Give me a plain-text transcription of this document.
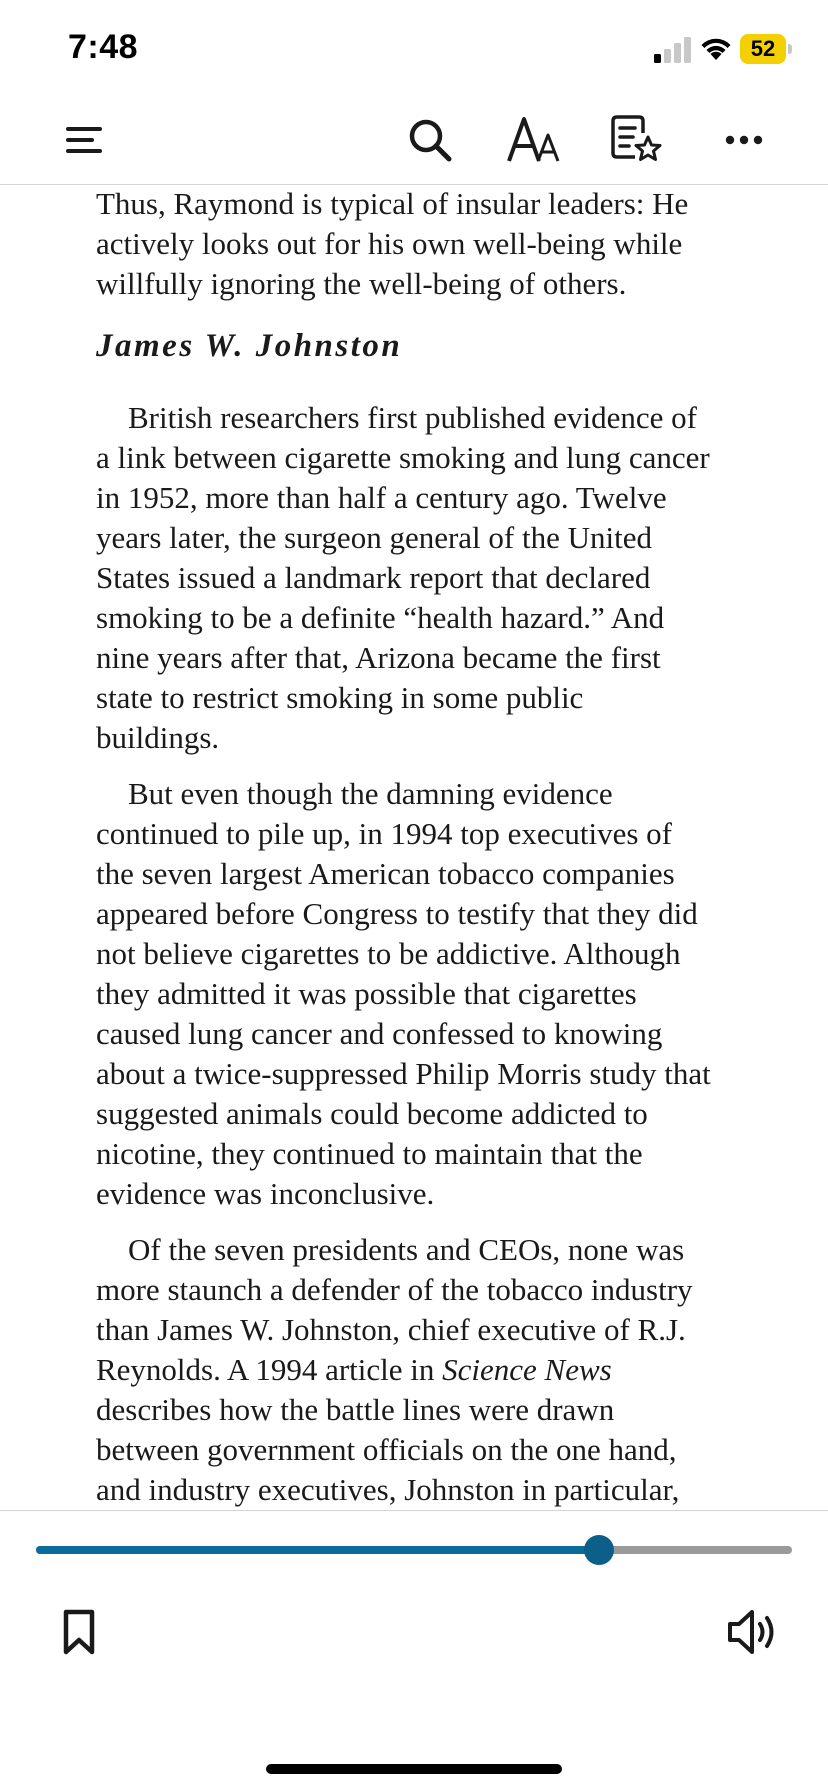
7:48	52

Thus, Raymond is typical of insular leaders: He
actively looks out for his own well-being while
willfully ignoring the well-being of others.

James W. Johnston

British researchers first published evidence of
a link between cigarette smoking and lung cancer
in 1952, more than half a century ago. Twelve
years later, the surgeon general of the United
States issued a landmark report that declared
smoking to be a definite “health hazard.” And
nine years after that, Arizona became the first
state to restrict smoking in some public
buildings.

But even though the damning evidence
continued to pile up, in 1994 top executives of
the seven largest American tobacco companies
appeared before Congress to testify that they did
not believe cigarettes to be addictive. Although
they admitted it was possible that cigarettes
caused lung cancer and confessed to knowing
about a twice-suppressed Philip Morris study that
suggested animals could become addicted to
nicotine, they continued to maintain that the
evidence was inconclusive.

Of the seven presidents and CEOs, none was
more staunch a defender of the tobacco industry
than James W. Johnston, chief executive of R.J.
Reynolds. A 1994 article in Science News
describes how the battle lines were drawn
between government officials on the one hand,
and industry executives, Johnston in particular,
